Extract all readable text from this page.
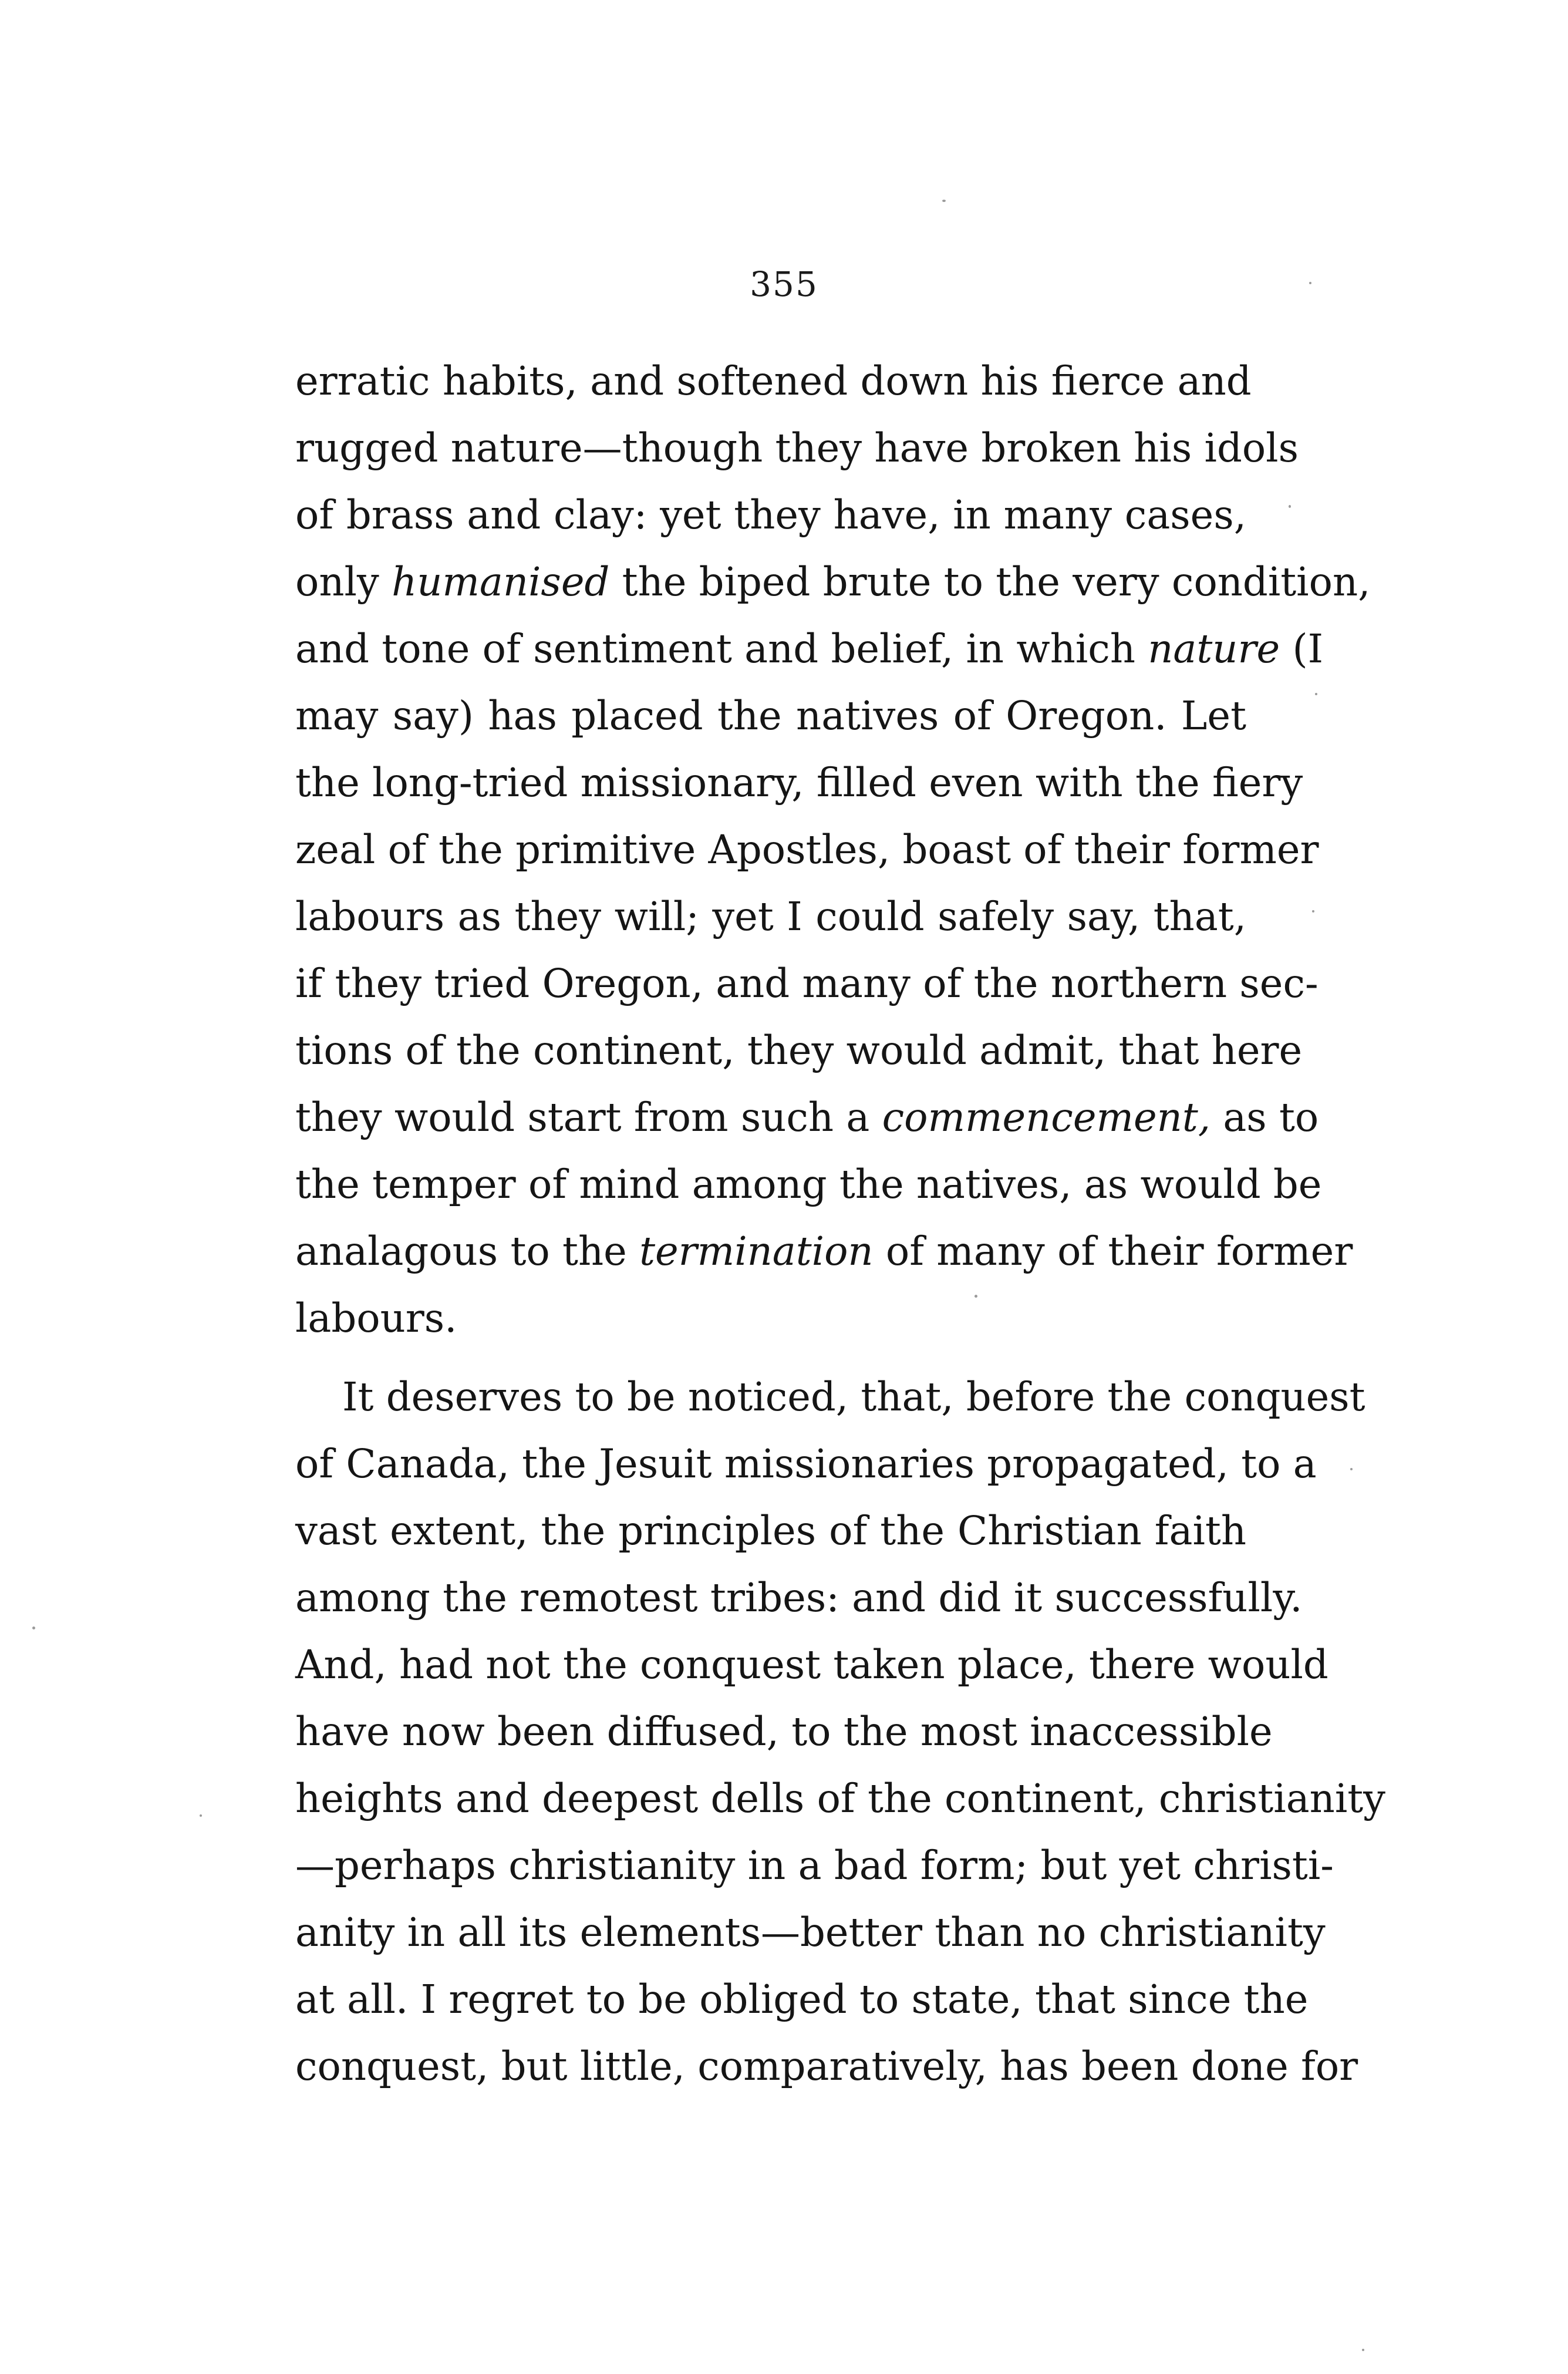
355
erratic habits, and softened down his fierce and
rugged nature—though they have broken his idols
of brass and clay: yet they have, in many cases,
only humanised the biped brute to the very condition,
and tone of sentiment and belief, in which nature (I
may say) has placed the natives of Oregon. Let
the long-tried missionary, filled even with the fiery
zeal of the primitive Apostles, boast of their former
labours as they will; yet I could safely say, that,
if they tried Oregon, and many of the northern sec-
tions of the continent, they would admit, that here
they would start from such a commencement, as to
the temper of mind among the natives, as would be
analagous to the termination of many of their former
labours.
It deserves to be noticed, that, before the conquest
of Canada, the Jesuit missionaries propagated, to a
vast extent, the principles of the Christian faith
among the remotest tribes: and did it successfully.
And, had not the conquest taken place, there would
have now been diffused, to the most inaccessible
heights and deepest dells of the continent, christianity
—perhaps christianity in a bad form; but yet christi-
anity in all its elements—better than no christianity
at all. I regret to be obliged to state, that since the
conquest, but little, comparatively, has been done for
